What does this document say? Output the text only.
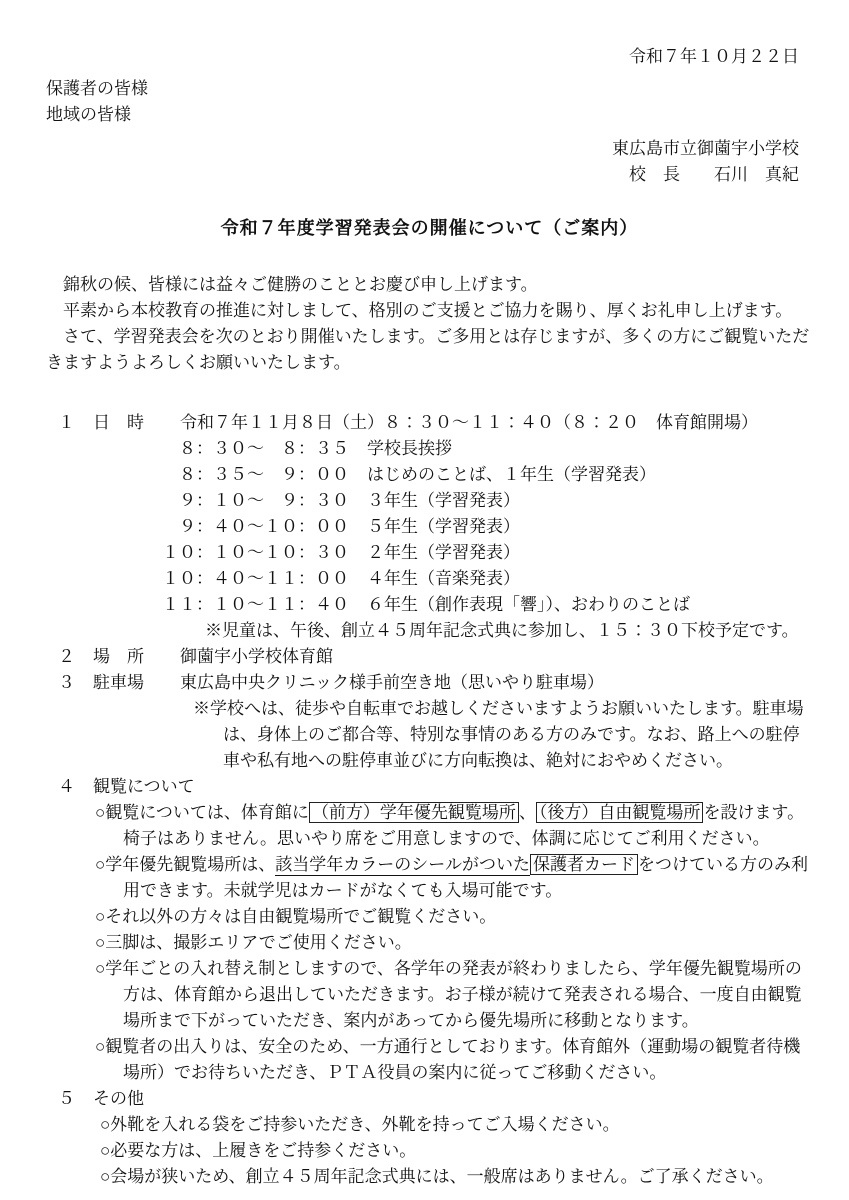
令和７年１０月２２日
保護者の皆様
地域の皆様
東広島市立御薗宇小学校
校　長　　石川　真紀
令和７年度学習発表会の開催について（ご案内）

錦秋の候、皆様には益々ご健勝のこととお慶び申し上げます。

平素から本校教育の推進に対しまして、格別のご支援とご協力を賜り、厚くお礼申し上げます。

さて、学習発表会を次のとおり開催いたします。ご多用とは存じますが、多くの方にご観覧いただきますようよろしくお願いいたします。

１	日　時	令和７年１１月８日（土）８：３０～１１：４０（８：２０　体育館開場）
８：３０～　８：３５	学校長挨拶
８：３５～　９：００	はじめのことば、１年生（学習発表）
９：１０～　９：３０	３年生（学習発表）
９：４０～１０：００	５年生（学習発表）
１０：１０～１０：３０	２年生（学習発表）
１０：４０～１１：００	４年生（音楽発表）
１１：１０～１１：４０	６年生（創作表現「響」）、おわりのことば
※児童は、午後、創立４５周年記念式典に参加し、１５：３０下校予定です。
２	場　所	御薗宇小学校体育館
３	駐車場	東広島中央クリニック様手前空き地（思いやり駐車場）
※学校へは、徒歩や自転車でお越しくださいますようお願いいたします。駐車場は、身体上のご都合等、特別な事情のある方のみです。なお、路上への駐停車や私有地への駐停車並びに方向転換は、絶対におやめください。
４	観覧について

○観覧については、体育館に （前方）学年優先観覧場所 、 （後方）自由観覧場所 を設けます。椅子はありません。思いやり席をご用意しますので、体調に応じてご利用ください。

○学年優先観覧場所は、該当学年カラーのシールがついた 保護者カード をつけている方のみ利用できます。未就学児はカードがなくても入場可能です。

○それ以外の方々は自由観覧場所でご観覧ください。

○三脚は、撮影エリアでご使用ください。

○学年ごとの入れ替え制としますので、各学年の発表が終わりましたら、学年優先観覧場所の方は、体育館から退出していただきます。お子様が続けて発表される場合、一度自由観覧場所まで下がっていただき、案内があってから優先場所に移動となります。

○観覧者の出入りは、安全のため、一方通行としております。体育館外（運動場の観覧者待機場所）でお待ちいただき、ＰＴＡ役員の案内に従ってご移動ください。

５	その他

○外靴を入れる袋をご持参いただき、外靴を持ってご入場ください。

○必要な方は、上履きをご持参ください。

○会場が狭いため、創立４５周年記念式典には、一般席はありません。ご了承ください。
